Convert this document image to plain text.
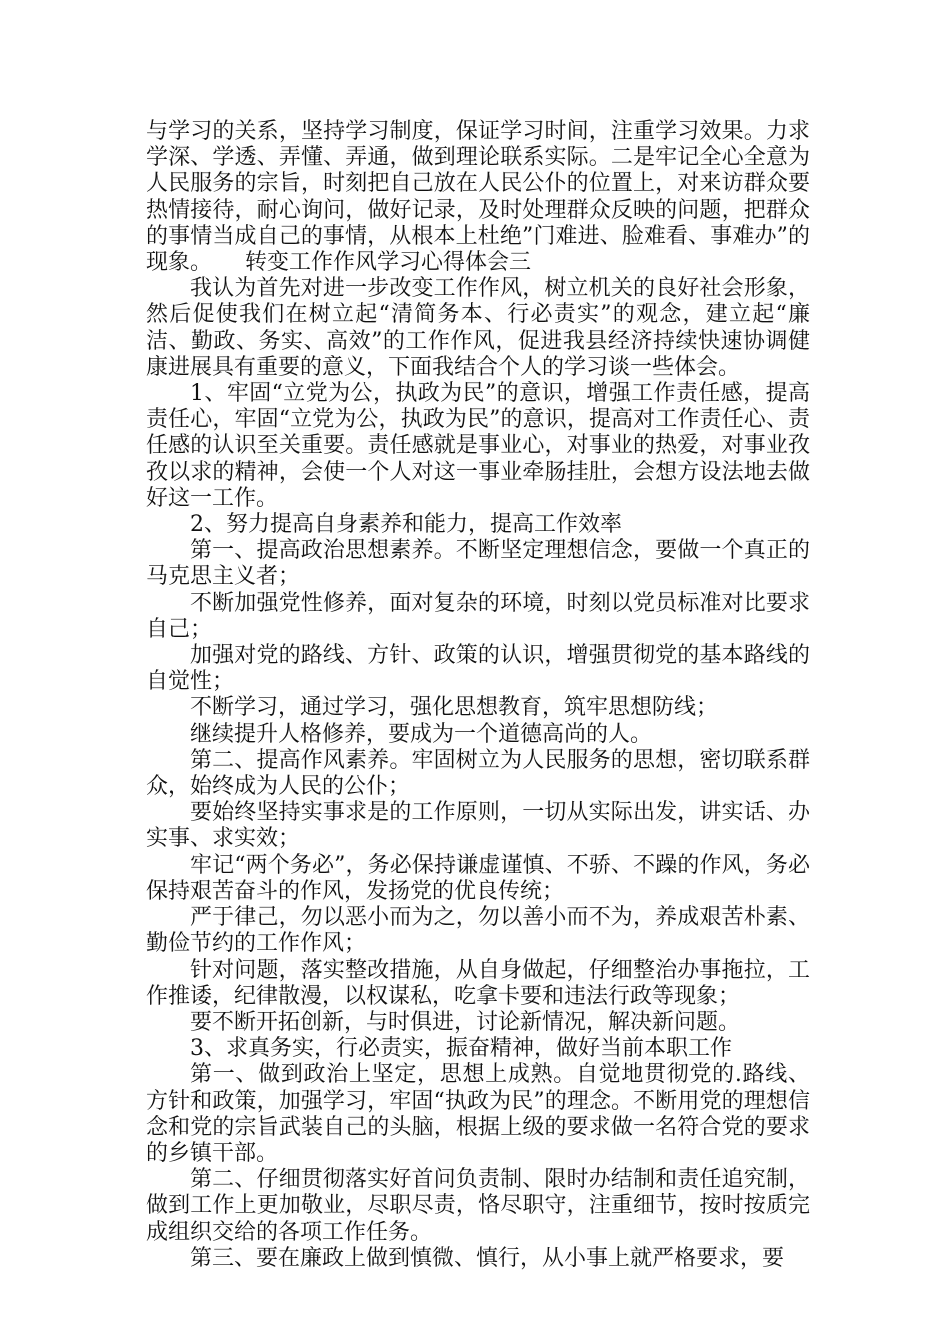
与学习的关系，坚持学习制度，保证学习时间，注重学习效果。力求学深、学透、弄懂、弄通，做到理论联系实际。二是牢记全心全意为人民服务的宗旨，时刻把自己放在人民公仆的位置上，对来访群众要热情接待，耐心询问，做好记录，及时处理群众反映的问题，把群众的事情当成自己的事情，从根本上杜绝”门难进、脸难看、事难办”的现象。　　转变工作作风学习心得体会三

我认为首先对进一步改变工作作风，树立机关的良好社会形象，然后促使我们在树立起“清简务本、行必责实”的观念，建立起“廉洁、勤政、务实、高效”的工作作风，促进我县经济持续快速协调健康进展具有重要的意义，下面我结合个人的学习谈一些体会。

1、牢固“立党为公，执政为民”的意识，增强工作责任感，提高责任心，牢固“立党为公，执政为民”的意识，提高对工作责任心、责任感的认识至关重要。责任感就是事业心，对事业的热爱，对事业孜孜以求的精神，会使一个人对这一事业牵肠挂肚，会想方设法地去做好这一工作。

2、努力提高自身素养和能力，提高工作效率

第一、提高政治思想素养。不断坚定理想信念，要做一个真正的马克思主义者；

不断加强党性修养，面对复杂的环境，时刻以党员标准对比要求自己；

加强对党的路线、方针、政策的认识，增强贯彻党的基本路线的自觉性；

不断学习，通过学习，强化思想教育，筑牢思想防线；

继续提升人格修养，要成为一个道德高尚的人。

第二、提高作风素养。牢固树立为人民服务的思想，密切联系群众，始终成为人民的公仆；

要始终坚持实事求是的工作原则，一切从实际出发，讲实话、办实事、求实效；

牢记“两个务必”，务必保持谦虚谨慎、不骄、不躁的作风，务必保持艰苦奋斗的作风，发扬党的优良传统；

严于律己，勿以恶小而为之，勿以善小而不为，养成艰苦朴素、勤俭节约的工作作风；

针对问题，落实整改措施，从自身做起，仔细整治办事拖拉，工作推诿，纪律散漫，以权谋私，吃拿卡要和违法行政等现象；

要不断开拓创新，与时俱进，讨论新情况，解决新问题。

3、求真务实，行必责实，振奋精神，做好当前本职工作

第一、做到政治上坚定，思想上成熟。自觉地贯彻党的.路线、方针和政策，加强学习，牢固“执政为民”的理念。不断用党的理想信念和党的宗旨武装自己的头脑，根据上级的要求做一名符合党的要求的乡镇干部。

第二、仔细贯彻落实好首问负责制、限时办结制和责任追究制，做到工作上更加敬业，尽职尽责，恪尽职守，注重细节，按时按质完成组织交给的各项工作任务。

第三、要在廉政上做到慎微、慎行，从小事上就严格要求，要
